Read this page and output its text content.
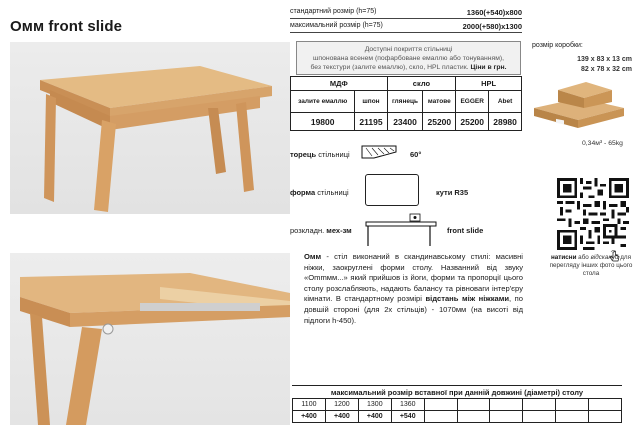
Омм front slide
стандартний розмір (h=75)	1360(+540)х800
максимальний розмір (h=75)	2000(+580)х1300
Доступні покриття стільниці
шпонована всенем (пофарбоване емаллю або тонуванням),
без текстури (залите емаллю), скло, HPL пластик. Ціни в грн.
МДФ		скло		HPL	
залите емаллю	шпон	глянець	матове	EGGER	Abet
19800	21195	23400	25200	25200	28980
торець стільниці	60°
форма стільниці	кути R35
розкладн. мех-зм	front slide
Омм - стіл виконаний в скандинавському стилі: масивні ніжки, заокруглені форми столу. Названний від звуку «Ommмм...» який прийшов із йоги, форми та пропорції цього столу розслабляють, надають балансу та рівноваги інтер'єру кімнати. В стандартному розмірі відстань між ніжками, по довшій стороні (для 2х стільців) - 1070мм (на висоті від підлоги h-450).
розмір коробки:
139 x 83 x 13 cm
82 x 78 x 32 cm
0,34м³ - 65kg
натисни або відскануй для перегляду інших фото цього стола
максимальний розмір вставної при данній довжині (діаметрі) столу
1100	1200	1300	1360						
+400	+400	+400	+540						
